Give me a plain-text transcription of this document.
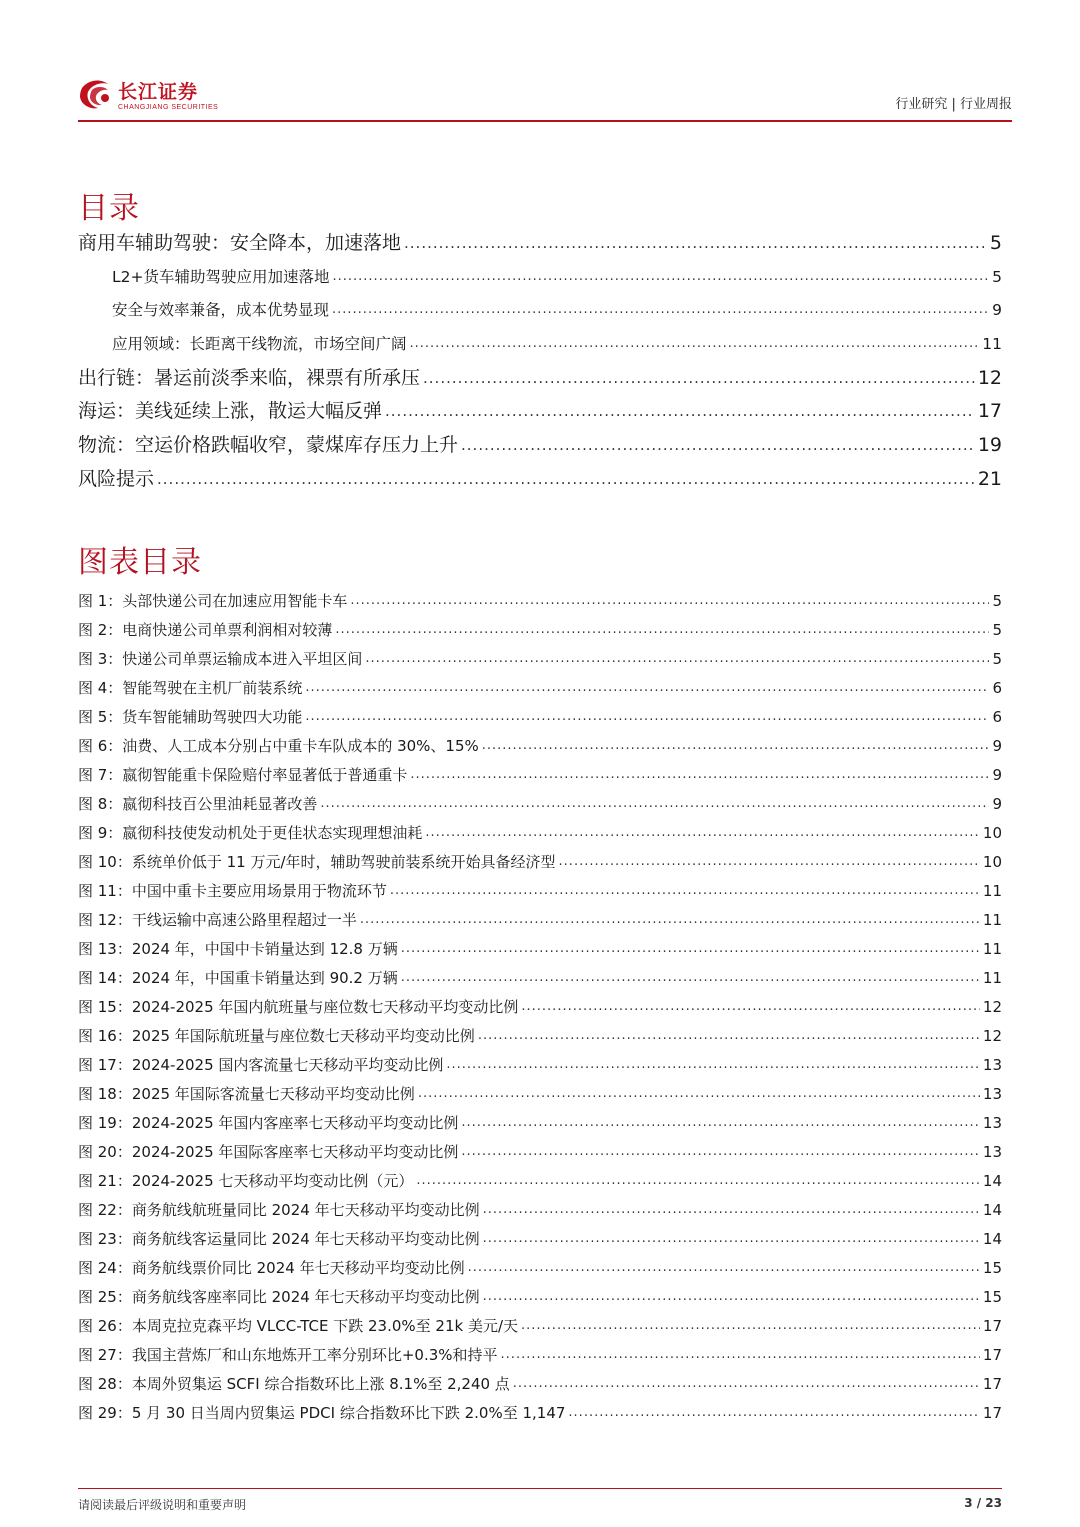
长江证券
CHANGJIANG SECURITIES	行业研究 | 行业周报
目录
商用车辅助驾驶：安全降本，加速落地 .....	5
L2+货车辅助驾驶应用加速落地 .....	5
安全与效率兼备，成本优势显现 .....	9
应用领域：长距离干线物流，市场空间广阔 .....	11
出行链：暑运前淡季来临，裸票有所承压 .....	12
海运：美线延续上涨，散运大幅反弹 .....	17
物流：空运价格跌幅收窄，蒙煤库存压力上升 .....	19
风险提示 .....	21
图表目录
图 1：头部快递公司在加速应用智能卡车 .....	5
图 2：电商快递公司单票利润相对较薄 .....	5
图 3：快递公司单票运输成本进入平坦区间 .....	5
图 4：智能驾驶在主机厂前装系统 .....	6
图 5：货车智能辅助驾驶四大功能 .....	6
图 6：油费、人工成本分别占中重卡车队成本的 30%、15% .....	9
图 7：嬴彻智能重卡保险赔付率显著低于普通重卡 .....	9
图 8：嬴彻科技百公里油耗显著改善 .....	9
图 9：嬴彻科技使发动机处于更佳状态实现理想油耗 .....	10
图 10：系统单价低于 11 万元/年时，辅助驾驶前装系统开始具备经济型 .....	10
图 11：中国中重卡主要应用场景用于物流环节 .....	11
图 12：干线运输中高速公路里程超过一半 .....	11
图 13：2024 年，中国中卡销量达到 12.8 万辆 .....	11
图 14：2024 年，中国重卡销量达到 90.2 万辆 .....	11
图 15：2024-2025 年国内航班量与座位数七天移动平均变动比例 .....	12
图 16：2025 年国际航班量与座位数七天移动平均变动比例 .....	12
图 17：2024-2025 国内客流量七天移动平均变动比例 .....	13
图 18：2025 年国际客流量七天移动平均变动比例 .....	13
图 19：2024-2025 年国内客座率七天移动平均变动比例 .....	13
图 20：2024-2025 年国际客座率七天移动平均变动比例 .....	13
图 21：2024-2025 七天移动平均变动比例（元） .....	14
图 22：商务航线航班量同比 2024 年七天移动平均变动比例 .....	14
图 23：商务航线客运量同比 2024 年七天移动平均变动比例 .....	14
图 24：商务航线票价同比 2024 年七天移动平均变动比例 .....	15
图 25：商务航线客座率同比 2024 年七天移动平均变动比例 .....	15
图 26：本周克拉克森平均 VLCC-TCE 下跌 23.0%至 21k 美元/天 .....	17
图 27：我国主营炼厂和山东地炼开工率分别环比+0.3%和持平 .....	17
图 28：本周外贸集运 SCFI 综合指数环比上涨 8.1%至 2,240 点 .....	17
图 29：5 月 30 日当周内贸集运 PDCI 综合指数环比下跌 2.0%至 1,147 .....	17
请阅读最后评级说明和重要声明	3 / 23
